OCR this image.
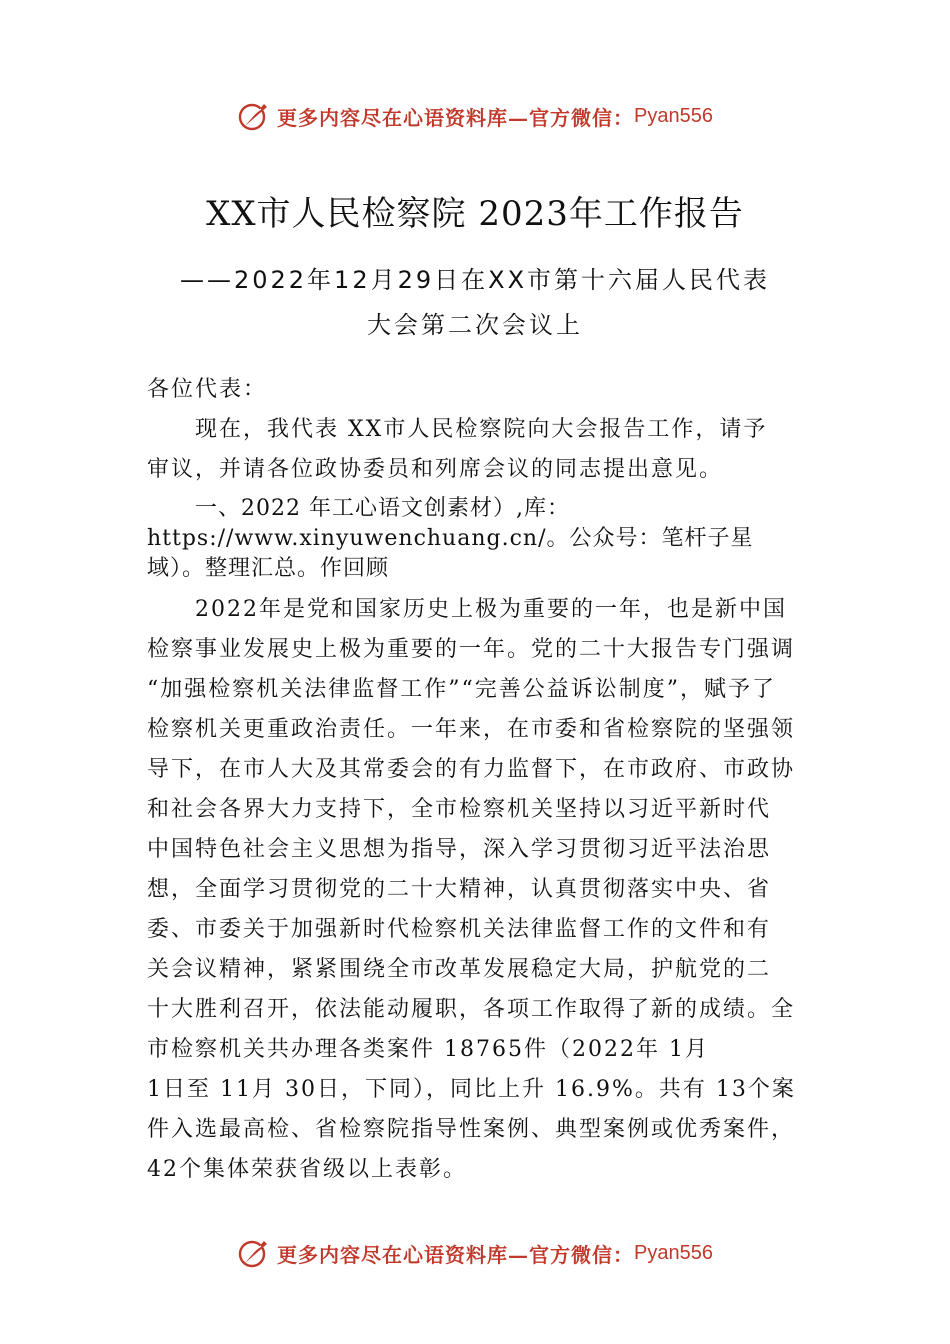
更多内容尽在心语资料库—官方微信： Pyan556
XX市人民检察院 2023年工作报告
——2022年12月29日在XX市第十六届人民代表
大会第二次会议上
各位代表：
现在，我代表 XX市人民检察院向大会报告工作，请予
审议，并请各位政协委员和列席会议的同志提出意见。
一、2022 年工心语文创素材）,库：
https://www.xinyuwenchuang.cn/。公众号：笔杆子星
域）。整理汇总。作回顾
2022年是党和国家历史上极为重要的一年，也是新中国
检察事业发展史上极为重要的一年。党的二十大报告专门强调
“加强检察机关法律监督工作”“完善公益诉讼制度”，赋予了
检察机关更重政治责任。一年来，在市委和省检察院的坚强领
导下，在市人大及其常委会的有力监督下，在市政府、市政协
和社会各界大力支持下，全市检察机关坚持以习近平新时代
中国特色社会主义思想为指导，深入学习贯彻习近平法治思
想，全面学习贯彻党的二十大精神，认真贯彻落实中央、省
委、市委关于加强新时代检察机关法律监督工作的文件和有
关会议精神，紧紧围绕全市改革发展稳定大局，护航党的二
十大胜利召开，依法能动履职，各项工作取得了新的成绩。全
市检察机关共办理各类案件 18765件（2022年 1月
1日至 11月 30日，下同），同比上升 16.9%。共有 13个案
件入选最高检、省检察院指导性案例、典型案例或优秀案件，
42个集体荣获省级以上表彰。
更多内容尽在心语资料库—官方微信： Pyan556
